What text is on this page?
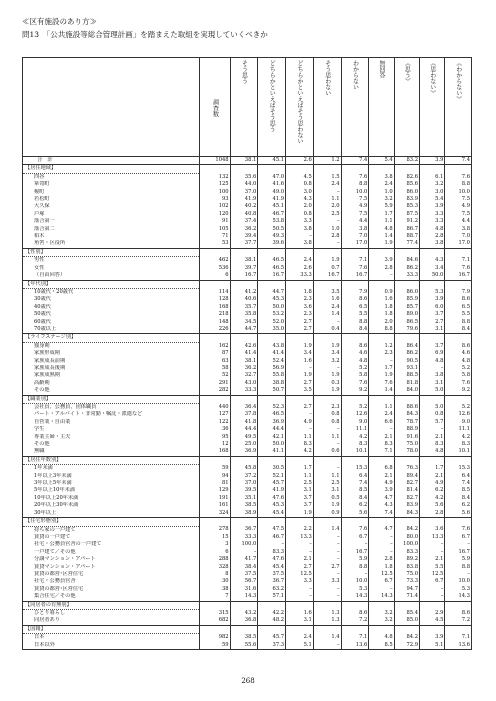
≪区有施設のあり方≫
問13　「公共施設等総合管理計画」を踏まえた取組を実現していくべきか

	調査数	そう思う	どちらかといえばそう思う	どちらかといえばそう思わない	そう思わない	わからない	無回答	《思う》	《思わない》	《わからない》

合　計	1048	38.1	45.1	2.6	1.2	7.4	5.4	83.2	3.9	7.4
【居住地域】										
四谷	132	35.6	47.0	4.5	1.5	7.6	3.8	82.6	6.1	7.6
箪笥町	125	44.0	41.6	0.8	2.4	8.8	2.4	85.6	3.2	8.8
榎町	100	37.0	49.0	3.0	–	10.0	1.0	86.0	3.0	10.0
若松町	93	41.9	41.9	4.3	1.1	7.5	3.2	83.9	5.4	7.5
大久保	102	40.2	45.1	2.0	2.0	4.9	5.9	85.3	3.9	4.9
戸塚	120	40.8	46.7	0.8	2.5	7.5	1.7	87.5	3.3	7.5
落合第一	91	37.4	53.8	3.3	–	4.4	1.1	91.2	3.3	4.4
落合第二	105	36.2	50.5	3.8	1.0	3.8	4.8	86.7	4.8	3.8
柏木	71	39.4	49.3	–	2.8	7.0	1.4	88.7	2.8	7.0
角筈・区役所	53	37.7	39.6	3.8	–	17.0	1.9	77.4	3.8	17.0
【性別】										
男性	462	38.1	46.5	2.4	1.9	7.1	3.9	84.6	4.3	7.1
女性	536	39.7	46.5	2.6	0.7	7.6	2.8	86.2	3.4	7.6
（自由回答）	6	16.7	16.7	33.3	16.7	16.7	–	33.3	50.0	16.7
【年代別】										
10歳代・20歳代	114	41.2	44.7	1.8	3.5	7.9	0.9	86.0	5.3	7.9
30歳代	128	40.6	45.3	2.3	1.6	8.6	1.6	85.9	3.9	8.6
40歳代	168	35.7	50.0	3.6	2.4	6.5	1.8	85.7	6.0	6.5
50歳代	218	35.8	53.2	2.3	1.4	5.5	1.8	89.0	3.7	5.5
60歳代	148	34.5	52.0	2.7	–	8.8	2.0	86.5	2.7	8.8
70歳以上	226	44.7	35.0	2.7	0.4	8.4	8.8	79.6	3.1	8.4
【ライフステージ別】										
独身期	162	42.6	43.8	1.9	1.9	8.6	1.2	86.4	3.7	8.6
家族形成期	87	41.4	41.4	3.4	3.4	4.6	2.3	86.2	6.9	4.6
家族成長前期	63	38.1	52.4	1.6	3.2	4.8	–	90.5	4.8	4.8
家族成長後期	58	36.2	56.9	–	–	5.2	1.7	93.1	–	5.2
家族成熟期	52	32.7	55.8	1.9	1.9	5.8	1.9	88.5	3.8	5.8
高齢期	291	43.0	38.8	2.7	0.3	7.6	7.6	81.8	3.1	7.6
その他	282	33.3	50.7	3.5	1.9	9.2	1.4	84.0	5.0	9.2
【職業別】										
会社員、公務員、団体職員	440	36.4	52.3	2.7	2.3	5.2	1.1	88.6	5.0	5.2
パート・アルバイト・非常勤・嘱託・派遣など	127	37.8	46.5	–	0.8	12.6	2.4	84.3	0.8	12.6
自営業・自由業	122	41.8	36.9	4.9	0.8	9.0	6.6	78.7	5.7	9.0
学生	36	44.4	44.4	–	–	11.1	–	88.9	–	11.1
専業主婦・主夫	95	49.5	42.1	1.1	1.1	4.2	2.1	91.6	2.1	4.2
その他	12	25.0	50.0	8.3	–	8.3	8.3	75.0	8.3	8.3
無職	168	36.9	41.1	4.2	0.6	10.1	7.1	78.0	4.8	10.1
【居住年数別】										
1年未満	59	45.8	30.5	1.7	–	15.3	6.8	76.3	1.7	15.3
1年以上3年未満	94	37.2	52.1	1.1	1.1	6.4	2.1	89.4	2.1	6.4
3年以上5年未満	81	37.0	45.7	2.5	2.5	7.4	4.9	82.7	4.9	7.4
5年以上10年未満	129	39.5	41.9	3.1	3.1	8.5	3.9	81.4	6.2	8.5
10年以上20年未満	191	35.1	47.6	3.7	0.5	8.4	4.7	82.7	4.2	8.4
20年以上30年未満	161	38.5	45.3	3.7	1.9	6.2	4.3	83.9	5.6	6.2
30年以上	324	38.9	45.4	1.9	0.9	5.6	7.4	84.3	2.8	5.6
【住宅形態別】										
持ち家の一戸建て	278	36.7	47.5	2.2	1.4	7.6	4.7	84.2	3.6	7.6
賃貸の一戸建て	15	33.3	46.7	13.3	–	6.7	–	80.0	13.3	6.7
社宅・公務員官舎の一戸建て	3	100.0	–	–	–	–	–	100.0	–	–
一戸建て／その他	6	–	83.3	–	–	16.7	–	83.3	–	16.7
分譲マンション・アパート	288	41.7	47.6	2.1	–	5.9	2.8	89.2	2.1	5.9
賃貸マンション・アパート	328	38.4	45.4	2.7	2.7	8.8	1.8	83.8	5.5	8.8
賃貸の都営･区営住宅	8	37.5	37.5	12.5	–	–	12.5	75.0	12.5	–
社宅・公務員官舎	30	56.7	36.7	3.3	3.3	10.0	6.7	73.3	6.7	10.0
賃貸の都営･区営住宅	38	31.6	63.2	–	–	5.3	–	94.7	–	5.3
集合住宅／その他	7	14.3	57.1	–	–	14.3	14.3	71.4	–	14.3
【同居者の有無別】										
ひとり暮らし	315	43.2	42.2	1.6	1.3	8.6	3.2	85.4	2.9	8.6
同居者あり	682	36.8	48.2	3.1	1.3	7.2	3.2	85.0	4.5	7.2
【国籍】										
日本	982	38.5	45.7	2.4	1.4	7.1	4.8	84.2	3.9	7.1
日本以外	59	55.6	37.3	5.1	–	13.6	8.5	72.9	5.1	13.6
268
